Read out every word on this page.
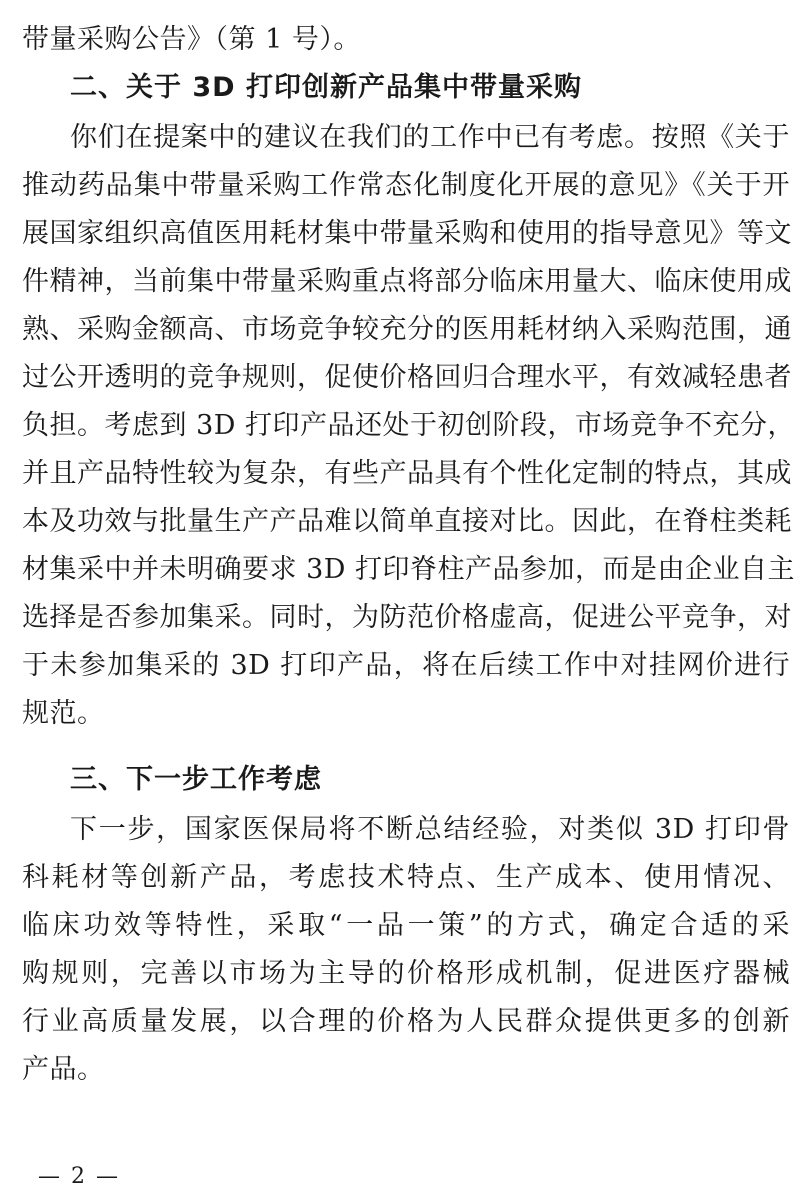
带量采购公告》（第 1 号）。
二、关于 3D 打印创新产品集中带量采购
你们在提案中的建议在我们的工作中已有考虑。按照《关于
推动药品集中带量采购工作常态化制度化开展的意见》《关于开
展国家组织高值医用耗材集中带量采购和使用的指导意见》等文
件精神，当前集中带量采购重点将部分临床用量大、临床使用成
熟、采购金额高、市场竞争较充分的医用耗材纳入采购范围，通
过公开透明的竞争规则，促使价格回归合理水平，有效减轻患者
负担。考虑到 3D 打印产品还处于初创阶段，市场竞争不充分，
并且产品特性较为复杂，有些产品具有个性化定制的特点，其成
本及功效与批量生产产品难以简单直接对比。因此，在脊柱类耗
材集采中并未明确要求 3D 打印脊柱产品参加，而是由企业自主
选择是否参加集采。同时，为防范价格虚高，促进公平竞争，对
于未参加集采的 3D 打印产品，将在后续工作中对挂网价进行
规范。
三、下一步工作考虑
下一步，国家医保局将不断总结经验，对类似 3D 打印骨
科耗材等创新产品，考虑技术特点、生产成本、使用情况、
临床功效等特性，采取“一品一策”的方式，确定合适的采
购规则，完善以市场为主导的价格形成机制，促进医疗器械
行业高质量发展，以合理的价格为人民群众提供更多的创新
产品。
— 2 —
